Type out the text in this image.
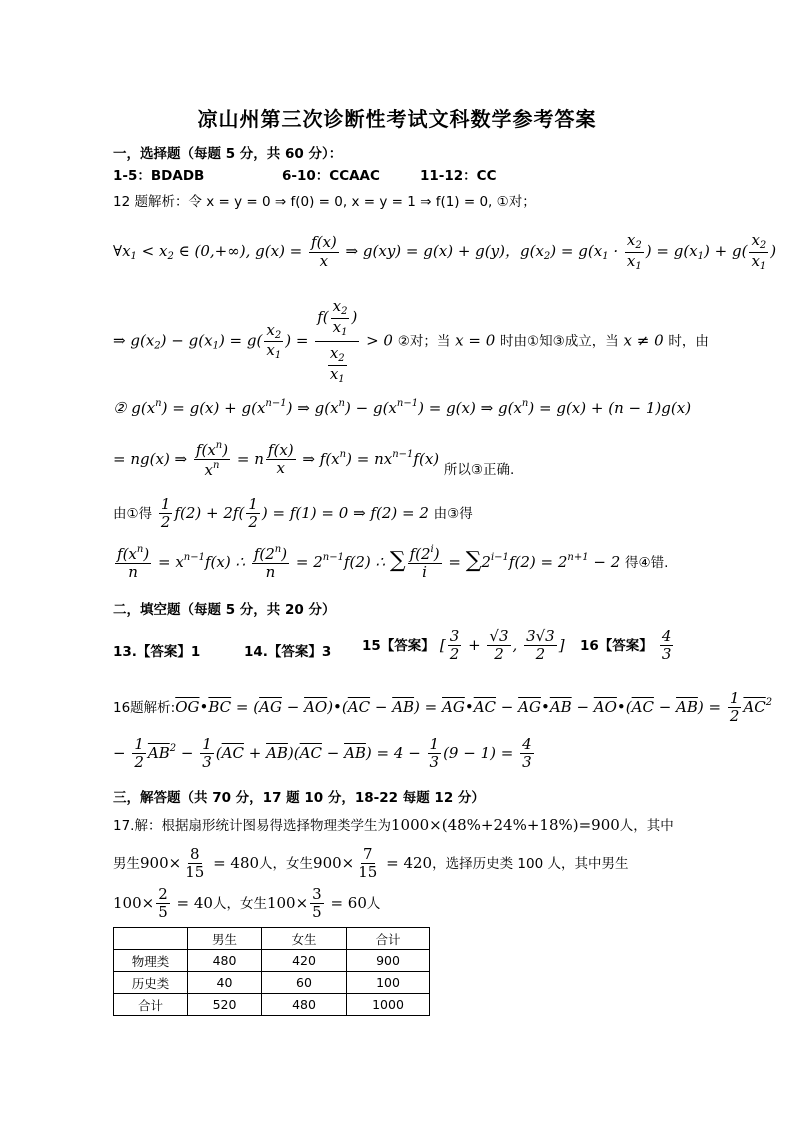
凉山州第三次诊断性考试文科数学参考答案
一，选择题（每题 5 分，共 60 分）：
1-5：BDADB	6-10：CCAAC	11-12：CC
12 题解析：令 x = y = 0 ⇒ f(0) = 0, x = y = 1 ⇒ f(1) = 0, ①对；
$\forall x_1 < x_2$ ∈ (0,+∞), $g(x) = \frac{f(x)}{x}$ ⇒ g(xy) = g(x) + g(y)，$g(x_2) = g(x_1 \cdot \frac{x_2}{x_1}$ ) = $g(x_1) + g( \frac{x_2}{x_1}$ )
⇒ $g(x_2) - g(x_1) = g( \frac{x_2}{x_1}$ ) = $\frac{f( \frac{x_2}{x_1} )}{\frac{x_2}{x_1}} > 0$ ②对；当 x = 0 时由①知③成立，当 x ≠ 0 时，由
② $g(x^n) = g(x) + g(x^{n-1})$ ⇒ $g(x^n) - g(x^{n-1}) = g(x)$ ⇒ $g(x^n) = g(x) + (n - 1)g(x)$
= ng(x) ⇒ $\frac{f(x^n)}{x^n} = n \frac{f(x)}{x}$ ⇒ $f(x^n) = nx^{n-1}f(x)$ 所以③正确.
由①得 $\frac{1}{2} f(2) + 2f( \frac{1}{2}$ ) = f(1) = 0 ⇒ f(2) = 2 由③得
$\frac{f(x^n)}{n} = x^{n-1}f(x)$ ∴ $\frac{f(2^n)}{n} = 2^{n-1}f(2)$ ∴ ∑ $\frac{f(2^i)}{i} = \sum 2^{i-1}f(2) = 2^{n+1} - 2$ 得④错.
二，填空题（每题 5 分，共 20 分）
13.【答案】1	14.【答案】3 15【答案】 [ $\frac{3}{2} + \frac{√3}{2}$ , $\frac{3√3}{2}$ ] 16【答案】 $\frac{4}{3}$
16题解析$:\overline{OG}•\overline{BC} = (\overline{AG}$ − $\overline{AO})•(\overline{AC} - \overline{AB})$ = $\overline{AG}•\overline{AC}$ − $\overline{AG}•\overline{AB}$ − $\overline{AO}•(\overline{AC} - \overline{AB}) = \frac{1}{2} \overline{AC}^2$
− $\frac{1}{2} \overline{AB}^2 - \frac{1}{3} (\overline{AC} + \overline{AB})(\overline{AC} - \overline{AB}) = 4 - \frac{1}{3} (9 - 1) = \frac{4}{3}$
三，解答题（共 70 分，17 题 10 分，18-22 每题 12 分）
17.解：根据扇形统计图易得选择物理类学生为1000×(48%+24%+18%)=900人，其中
男生$900\times \frac{8}{15} = 480$人，女生$900\times \frac{7}{15} = 420$，选择历史类 100 人，其中男生
$100\times \frac{2}{5} = 40$人，女生$100\times \frac{3}{5} = 60$人
	男生	女生	合计
物理类	480	420	900
历史类	40	60	100
合计	520	480	1000
